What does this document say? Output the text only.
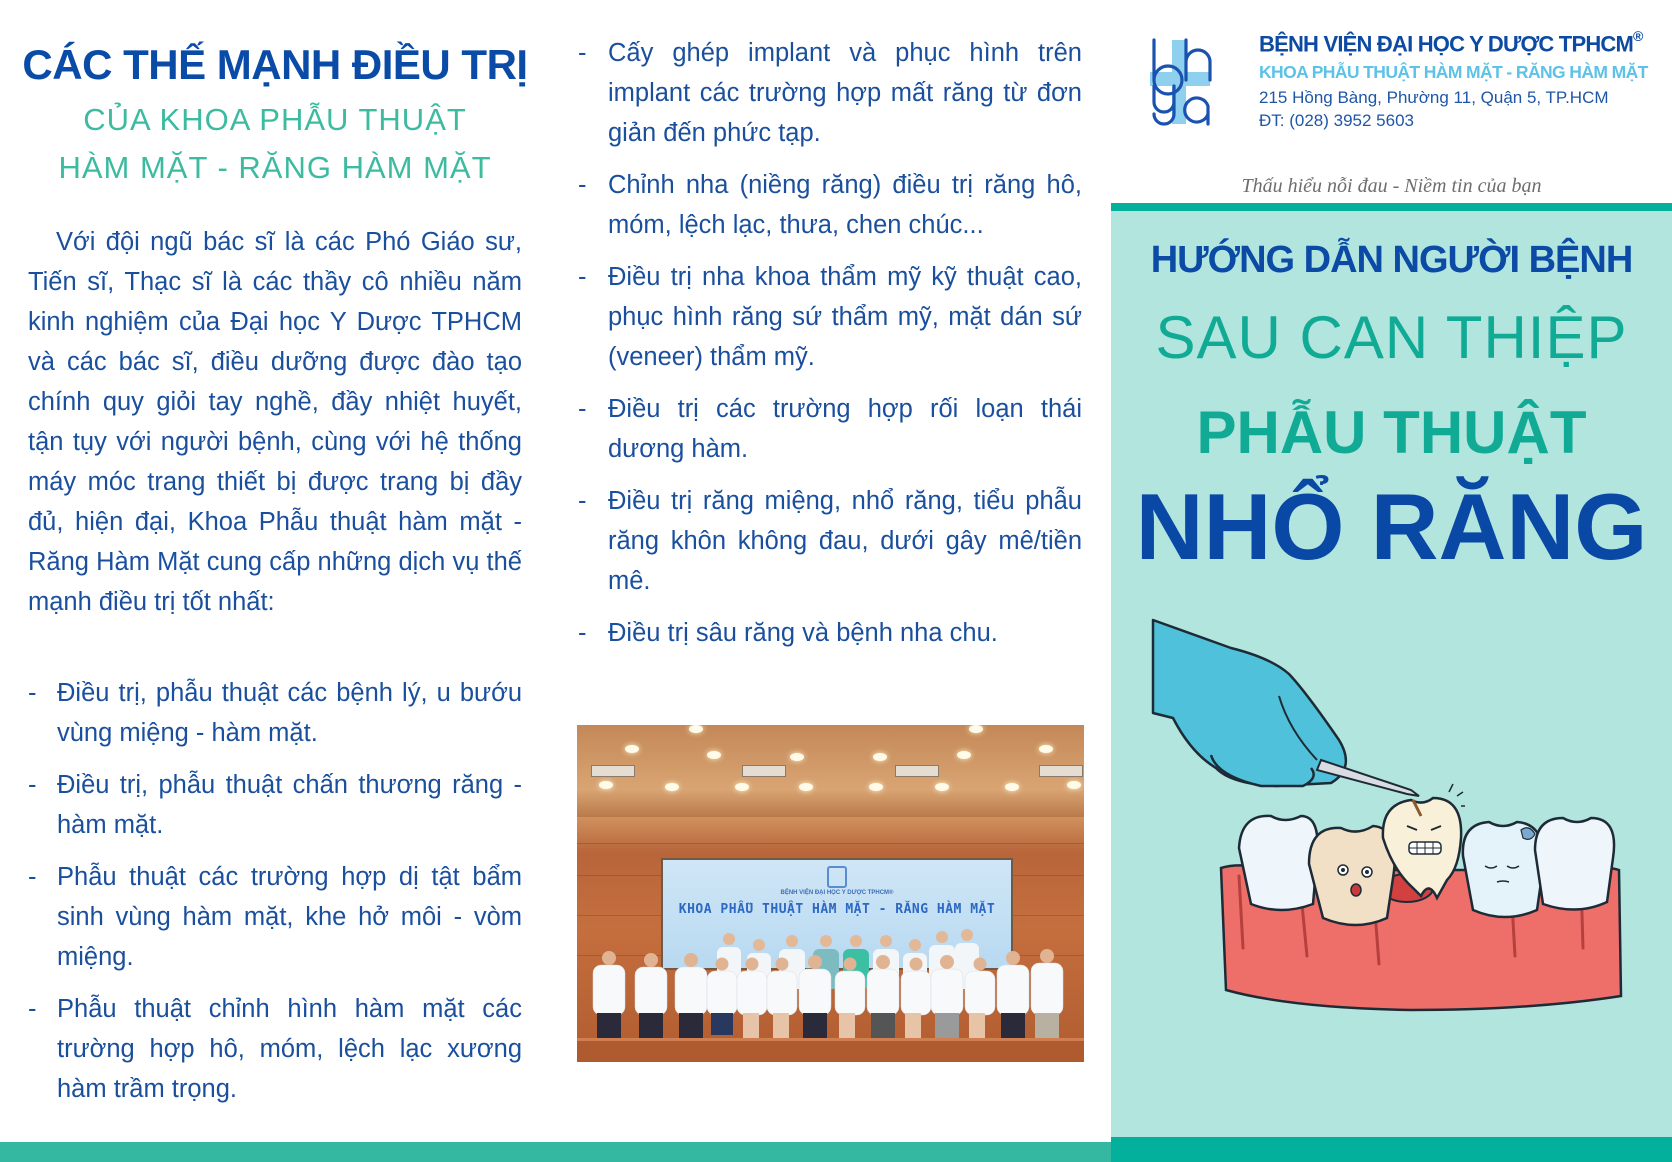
CÁC THẾ MẠNH ĐIỀU TRỊ
CỦA KHOA PHẪU THUẬT
HÀM MẶT - RĂNG HÀM MẶT

Với đội ngũ bác sĩ là các Phó Giáo sư, Tiến sĩ, Thạc sĩ là các thầy cô nhiều năm kinh nghiệm của Đại học Y Dược TPHCM và các bác sĩ, điều dưỡng được đào tạo chính quy giỏi tay nghề, đầy nhiệt huyết, tận tụy với người bệnh, cùng với hệ thống máy móc trang thiết bị được trang bị đầy đủ, hiện đại, Khoa Phẫu thuật hàm mặt - Răng Hàm Mặt cung cấp những dịch vụ thế mạnh điều trị tốt nhất:

- Điều trị, phẫu thuật các bệnh lý, u bướu vùng miệng - hàm mặt.
- Điều trị, phẫu thuật chấn thương răng - hàm mặt.
- Phẫu thuật các trường hợp dị tật bẩm sinh vùng hàm mặt, khe hở môi - vòm miệng.
- Phẫu thuật chỉnh hình hàm mặt các trường hợp hô, móm, lệch lạc xương hàm trầm trọng.
- Cấy ghép implant và phục hình trên implant các trường hợp mất răng từ đơn giản đến phức tạp.
- Chỉnh nha (niềng răng) điều trị răng hô, móm, lệch lạc, thưa, chen chúc...
- Điều trị nha khoa thẩm mỹ kỹ thuật cao, phục hình răng sứ thẩm mỹ, mặt dán sứ (veneer) thẩm mỹ.
- Điều trị các trường hợp rối loạn thái dương hàm.
- Điều trị răng miệng, nhổ răng, tiểu phẫu răng khôn không đau, dưới gây mê/tiền mê.
- Điều trị sâu răng và bệnh nha chu.
BỆNH VIỆN ĐẠI HỌC Y DƯỢC TPHCM®
KHOA PHẪU THUẬT HÀM MẶT - RĂNG HÀM MẶT
BỆNH VIỆN ĐẠI HỌC Y DƯỢC TPHCM®
KHOA PHẪU THUẬT HÀM MẶT - RĂNG HÀM MẶT
215 Hồng Bàng, Phường 11, Quận 5, TP.HCM
ĐT: (028) 3952 5603
Thấu hiểu nỗi đau - Niềm tin của bạn
HƯỚNG DẪN NGƯỜI BỆNH
SAU CAN THIỆP
PHẪU THUẬT
NHỔ RĂNG
